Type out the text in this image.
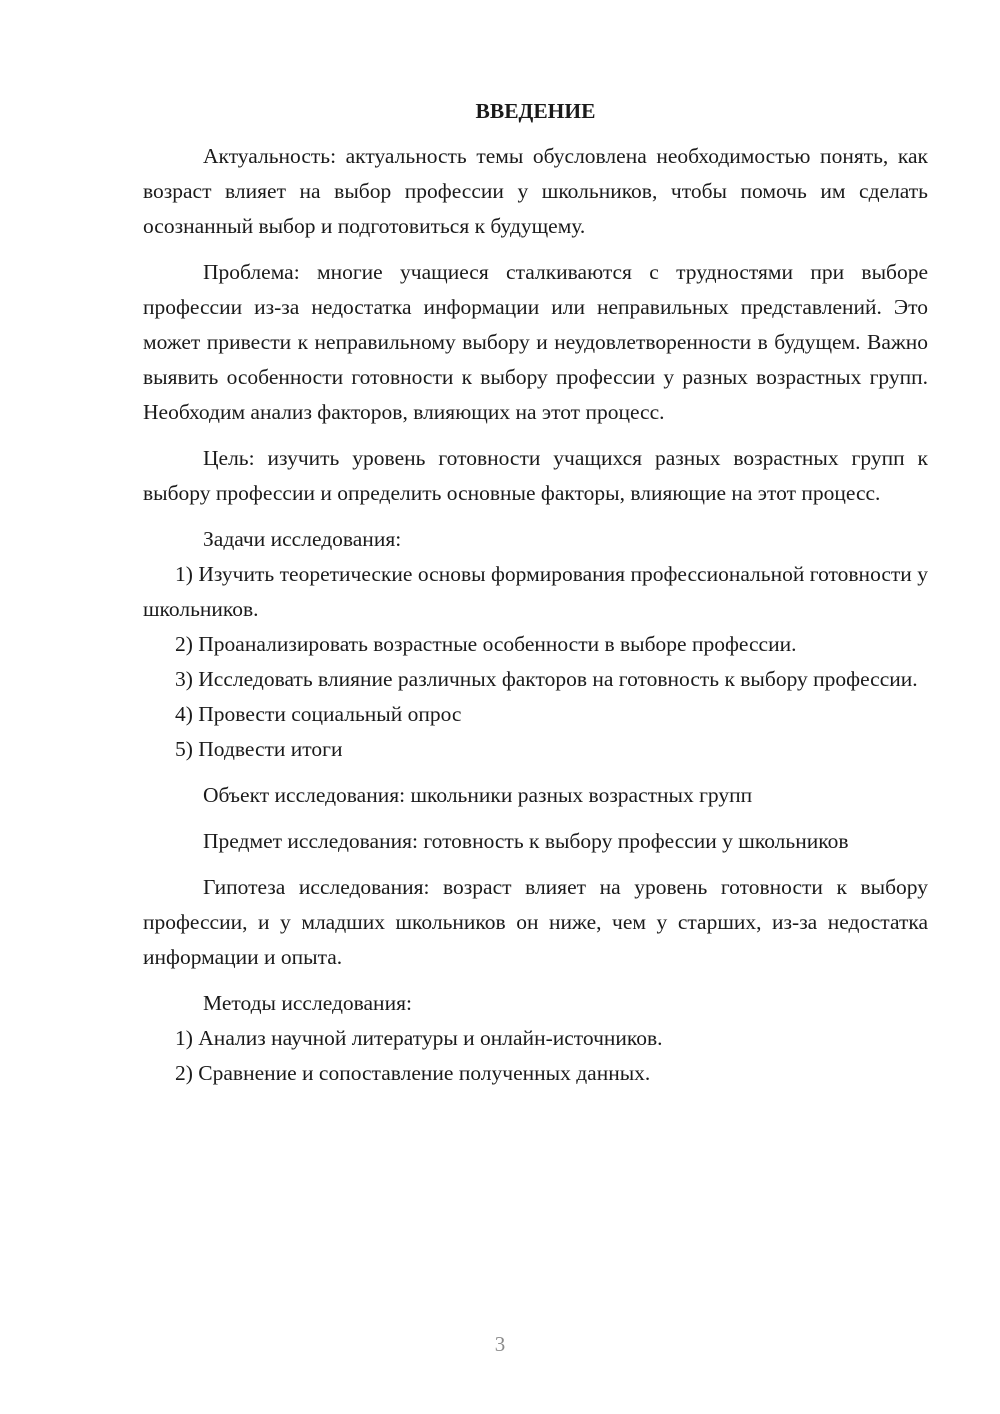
ВВЕДЕНИЕ

Актуальность: актуальность темы обусловлена необходимостью понять, как возраст влияет на выбор профессии у школьников, чтобы помочь им сделать осознанный выбор и подготовиться к будущему.

Проблема: многие учащиеся сталкиваются с трудностями при выборе профессии из-за недостатка информации или неправильных представлений. Это может привести к неправильному выбору и неудовлетворенности в будущем. Важно выявить особенности готовности к выбору профессии у разных возрастных групп. Необходим анализ факторов, влияющих на этот процесс.

Цель: изучить уровень готовности учащихся разных возрастных групп к выбору профессии и определить основные факторы, влияющие на этот процесс.

Задачи исследования:

1) Изучить теоретические основы формирования профессиональной готовности у школьников.

2) Проанализировать возрастные особенности в выборе профессии.

3) Исследовать влияние различных факторов на готовность к выбору профессии.

4) Провести социальный опрос

5) Подвести итоги

Объект исследования: школьники разных возрастных групп

Предмет исследования: готовность к выбору профессии у школьников

Гипотеза исследования: возраст влияет на уровень готовности к выбору профессии, и у младших школьников он ниже, чем у старших, из-за недостатка информации и опыта.

Методы исследования:

1) Анализ научной литературы и онлайн-источников.

2) Сравнение и сопоставление полученных данных.

3
